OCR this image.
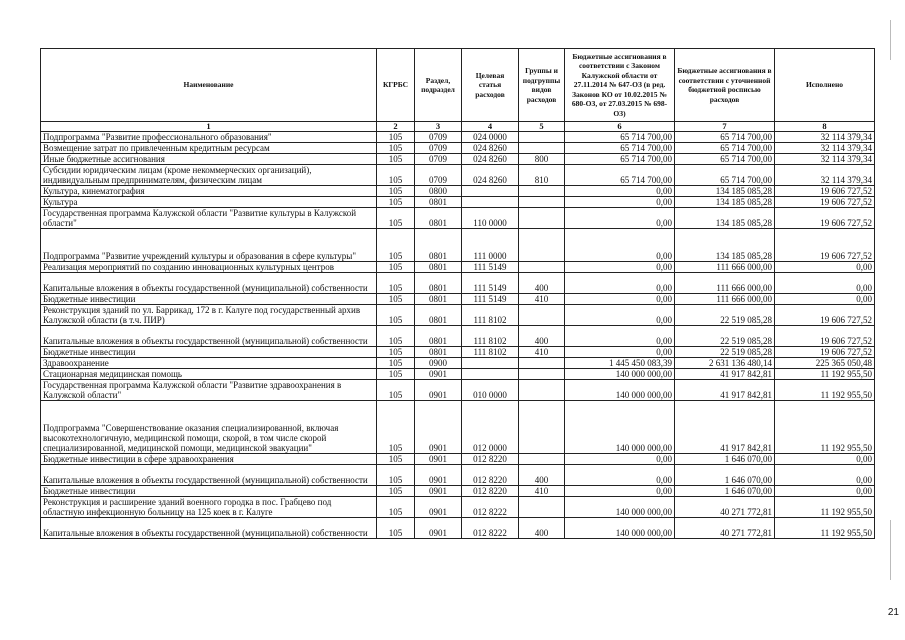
Наименование	КГРБС	Раздел, подраздел	Целевая статья расходов	Группы и подгруппы видов расходов	Бюджетные ассигнования в соответствии с Законом Калужской области от 27.11.2014 № 647-ОЗ (в ред. Законов КО от 10.02.2015 № 680-ОЗ, от 27.03.2015 № 698-ОЗ)	Бюджетные ассигнования в соответствии с уточненной бюджетной росписью расходов	Исполнено
1	2	3	4	5	6	7	8
Подпрограмма "Развитие профессионального образования"	105	0709	024 0000		65 714 700,00	65 714 700,00	32 114 379,34
Возмещение затрат по привлеченным кредитным ресурсам	105	0709	024 8260		65 714 700,00	65 714 700,00	32 114 379,34
Иные бюджетные ассигнования	105	0709	024 8260	800	65 714 700,00	65 714 700,00	32 114 379,34
Субсидии юридическим лицам (кроме некоммерческих организаций), индивидуальным предпринимателям, физическим лицам	105	0709	024 8260	810	65 714 700,00	65 714 700,00	32 114 379,34
Культура, кинематография	105	0800			0,00	134 185 085,28	19 606 727,52
Культура	105	0801			0,00	134 185 085,28	19 606 727,52
Государственная программа Калужской области "Развитие культуры в Калужской области"	105	0801	110 0000		0,00	134 185 085,28	19 606 727,52
Подпрограмма "Развитие учреждений культуры и образования в сфере культуры"	105	0801	111 0000		0,00	134 185 085,28	19 606 727,52
Реализация мероприятий по созданию инновационных культурных центров	105	0801	111 5149		0,00	111 666 000,00	0,00
Капитальные вложения в объекты государственной (муниципальной) собственности	105	0801	111 5149	400	0,00	111 666 000,00	0,00
Бюджетные инвестиции	105	0801	111 5149	410	0,00	111 666 000,00	0,00
Реконструкция зданий по ул. Баррикад, 172 в г. Калуге под государственный архив Калужской области (в т.ч. ПИР)	105	0801	111 8102		0,00	22 519 085,28	19 606 727,52
Капитальные вложения в объекты государственной (муниципальной) собственности	105	0801	111 8102	400	0,00	22 519 085,28	19 606 727,52
Бюджетные инвестиции	105	0801	111 8102	410	0,00	22 519 085,28	19 606 727,52
Здравоохранение	105	0900			1 445 450 083,39	2 631 136 480,14	225 365 050,48
Стационарная медицинская помощь	105	0901			140 000 000,00	41 917 842,81	11 192 955,50
Государственная программа Калужской области "Развитие здравоохранения в Калужской области"	105	0901	010 0000		140 000 000,00	41 917 842,81	11 192 955,50
Подпрограмма "Совершенствование оказания специализированной, включая высокотехнологичную, медицинской помощи, скорой, в том числе скорой специализированной, медицинской помощи, медицинской эвакуации"	105	0901	012 0000		140 000 000,00	41 917 842,81	11 192 955,50
Бюджетные инвестиции в сфере здравоохранения	105	0901	012 8220		0,00	1 646 070,00	0,00
Капитальные вложения в объекты государственной (муниципальной) собственности	105	0901	012 8220	400	0,00	1 646 070,00	0,00
Бюджетные инвестиции	105	0901	012 8220	410	0,00	1 646 070,00	0,00
Реконструкция и расширение зданий военного городка в пос. Грабцево под областную инфекционную больницу на 125 коек в г. Калуге	105	0901	012 8222		140 000 000,00	40 271 772,81	11 192 955,50
Капитальные вложения в объекты государственной (муниципальной) собственности	105	0901	012 8222	400	140 000 000,00	40 271 772,81	11 192 955,50
21
